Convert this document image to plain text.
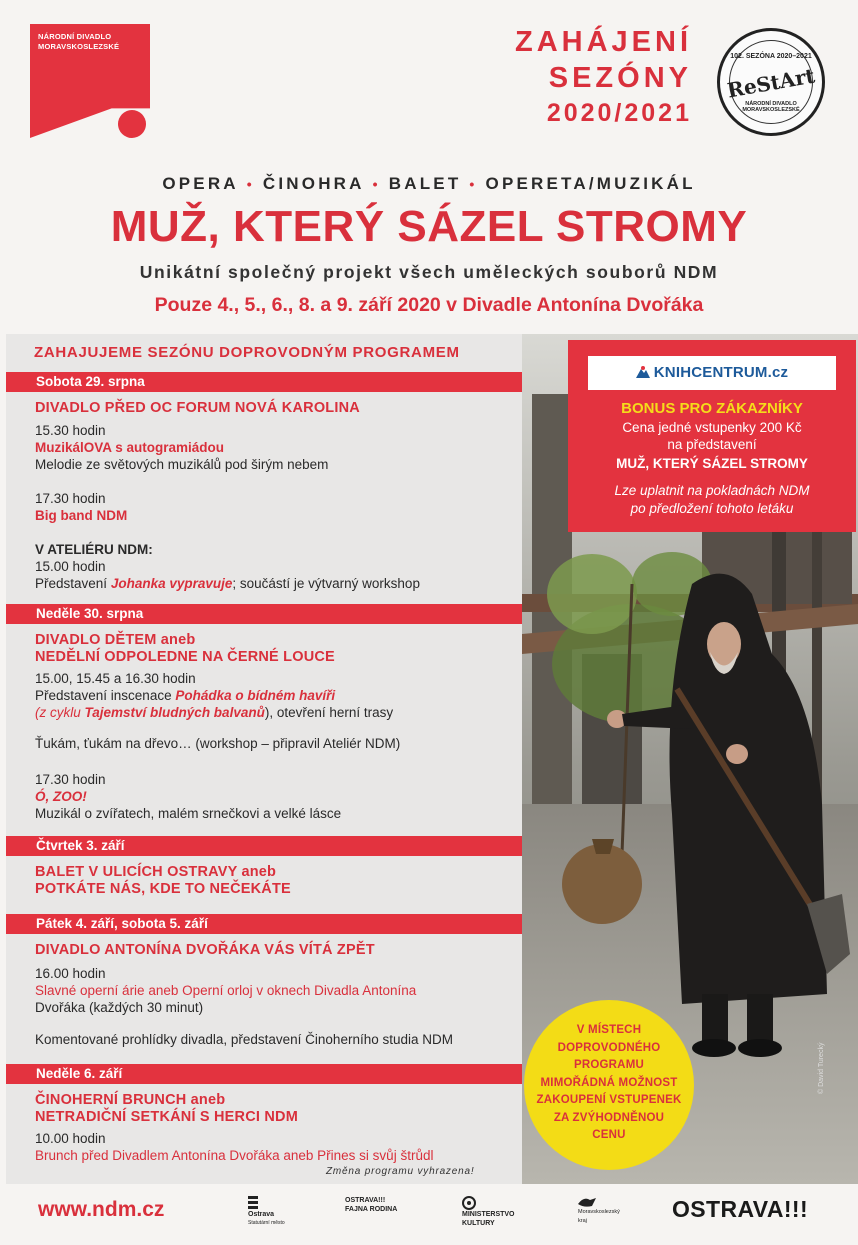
NÁRODNÍ DIVADLO
MORAVSKOSLEZSKÉ	ZAHÁJENÍ
SEZÓNY
2020/2021
102. SEZÓNA 2020–2021
ReStArt
NÁRODNÍ DIVADLO MORAVSKOSLEZSKÉ
OPERA • ČINOHRA • BALET • OPERETA/MUZIKÁL
MUŽ, KTERÝ SÁZEL STROMY
Unikátní společný projekt všech uměleckých souborů NDM
Pouze 4., 5., 6., 8. a 9. září 2020 v Divadle Antonína Dvořáka
© David Turecký
ZAHAJUJEME SEZÓNU DOPROVODNÝM PROGRAMEM
Sobota 29. srpna
DIVADLO PŘED OC FORUM NOVÁ KAROLINA
15.30 hodin
MuzikálOVA s autogramiádou
Melodie ze světových muzikálů pod širým nebem
17.30 hodin
Big band NDM
V ATELIÉRU NDM:
15.00 hodin
Představení Johanka vypravuje; součástí je výtvarný workshop
Neděle 30. srpna
DIVADLO DĚTEM aneb
NEDĚLNÍ ODPOLEDNE NA ČERNÉ LOUCE
15.00, 15.45 a 16.30 hodin
Představení inscenace Pohádka o bídném havíři
(z cyklu Tajemství bludných balvanů), otevření herní trasy
Ťukám, ťukám na dřevo… (workshop – připravil Ateliér NDM)
17.30 hodin
Ó, ZOO!
Muzikál o zvířatech, malém srnečkovi a velké lásce
Čtvrtek 3. září
BALET V ULICÍCH OSTRAVY aneb
POTKÁTE NÁS, KDE TO NEČEKÁTE
Pátek 4. září, sobota 5. září
DIVADLO ANTONÍNA DVOŘÁKA VÁS VÍTÁ ZPĚT
16.00 hodin
Slavné operní árie aneb Operní orloj v oknech Divadla Antonína
Dvořáka (každých 30 minut)
Komentované prohlídky divadla, představení Činoherního studia NDM
Neděle 6. září
ČINOHERNÍ BRUNCH aneb
NETRADIČNÍ SETKÁNÍ S HERCI NDM
10.00 hodin
Brunch před Divadlem Antonína Dvořáka aneb Přines si svůj štrůdl
Změna programu vyhrazena!
KNIHCENTRUM.cz
BONUS PRO ZÁKAZNÍKY
Cena jedné vstupenky 200 Kč
na představení
MUŽ, KTERÝ SÁZEL STROMY
Lze uplatnit na pokladnách NDM
po předložení tohoto letáku
V MÍSTECH
DOPROVODNÉHO
PROGRAMU
MIMOŘÁDNÁ MOŽNOST
ZAKOUPENÍ VSTUPENEK
ZA ZVÝHODNĚNOU
CENU
www.ndm.cz	Ostrava
Statutární město
OSTRAVA!!!
FAJNA RODINA
MINISTERSTVO
KULTURY
Moravskoslezský
kraj	OSTRAVA!!!
